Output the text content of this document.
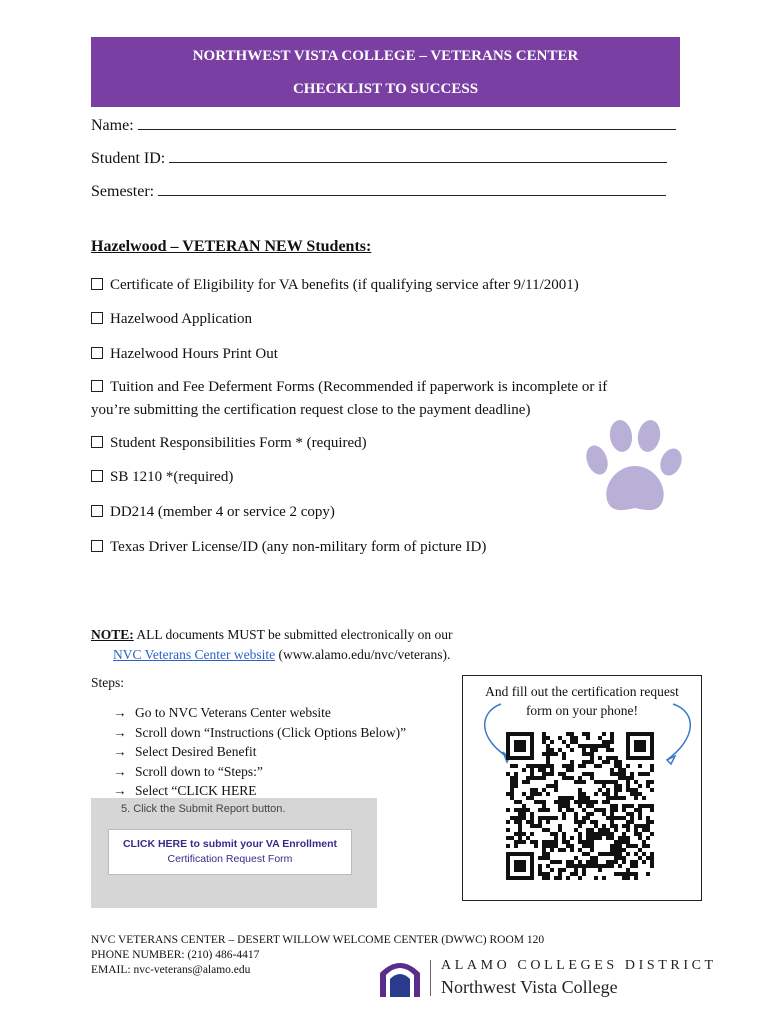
NORTHWEST VISTA COLLEGE – VETERANS CENTER
CHECKLIST TO SUCCESS
Name:
Student ID:
Semester:
Hazelwood – VETERAN NEW Students:
Certificate of Eligibility for VA benefits (if qualifying service after 9/11/2001)
Hazelwood Application
Hazelwood Hours Print Out
Tuition and Fee Deferment Forms (Recommended if paperwork is incomplete or if
you’re submitting the certification request close to the payment deadline)
Student Responsibilities Form * (required)
SB 1210 *(required)
DD214 (member 4 or service 2 copy)
Texas Driver License/ID (any non-military form of picture ID)
NOTE: ALL documents MUST be submitted electronically on our
NVC Veterans Center website (www.alamo.edu/nvc/veterans).
Steps:
→ Go to NVC Veterans Center website
→ Scroll down “Instructions (Click Options Below)”
→ Select Desired Benefit
→ Scroll down to “Steps:”
→ Select “CLICK HERE
5. Click the Submit Report button.
CLICK HERE to submit your VA Enrollment
Certification Request Form
And fill out the certification request
form on your phone!
NVC VETERANS CENTER – DESERT WILLOW WELCOME CENTER (DWWC) ROOM 120
PHONE NUMBER: (210) 486-4417
EMAIL: nvc-veterans@alamo.edu	ALAMO COLLEGES DISTRICT
Northwest Vista College
